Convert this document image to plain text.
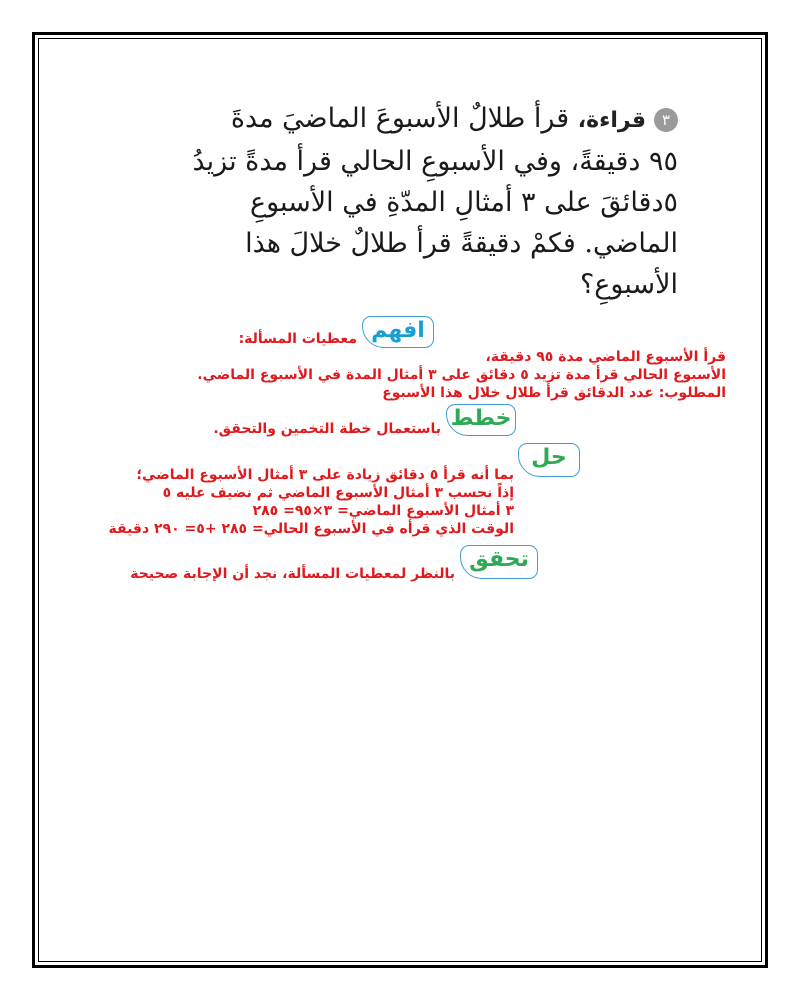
٣قراءة، قرأ طلالٌ الأسبوعَ الماضيَ مدةَ
٩٥ دقيقةً، وفي الأسبوعِ الحالي قرأ مدةً تزيدُ
٥دقائقَ على ٣ أمثالِ المدّةِ في الأسبوعِ
الماضي. فكمْ دقيقةً قرأ طلالٌ خلالَ هذا
الأسبوعِ؟
افهم
معطيات المسألة:
قرأ الأسبوع الماضي مدة ٩٥ دقيقة،
الأسبوع الحالي قرأ مدة تزيد ٥ دقائق على ٣ أمثال المدة في الأسبوع الماضي.
المطلوب: عدد الدقائق قرأ طلال خلال هذا الأسبوع
خطط
باستعمال خطة التخمين والتحقق.
حل
بما أنه قرأ ٥ دقائق زيادة على ٣ أمثال الأسبوع الماضي؛
إذاً نحسب ٣ أمثال الأسبوع الماضي ثم نضيف عليه ٥
٣ أمثال الأسبوع الماضي= ٣×٩٥= ٢٨٥
الوقت الذي قرأه في الأسبوع الحالي= ٢٨٥ +٥= ٢٩٠ دقيقة
تحقق
بالنظر لمعطيات المسألة، نجد أن الإجابة صحيحة
